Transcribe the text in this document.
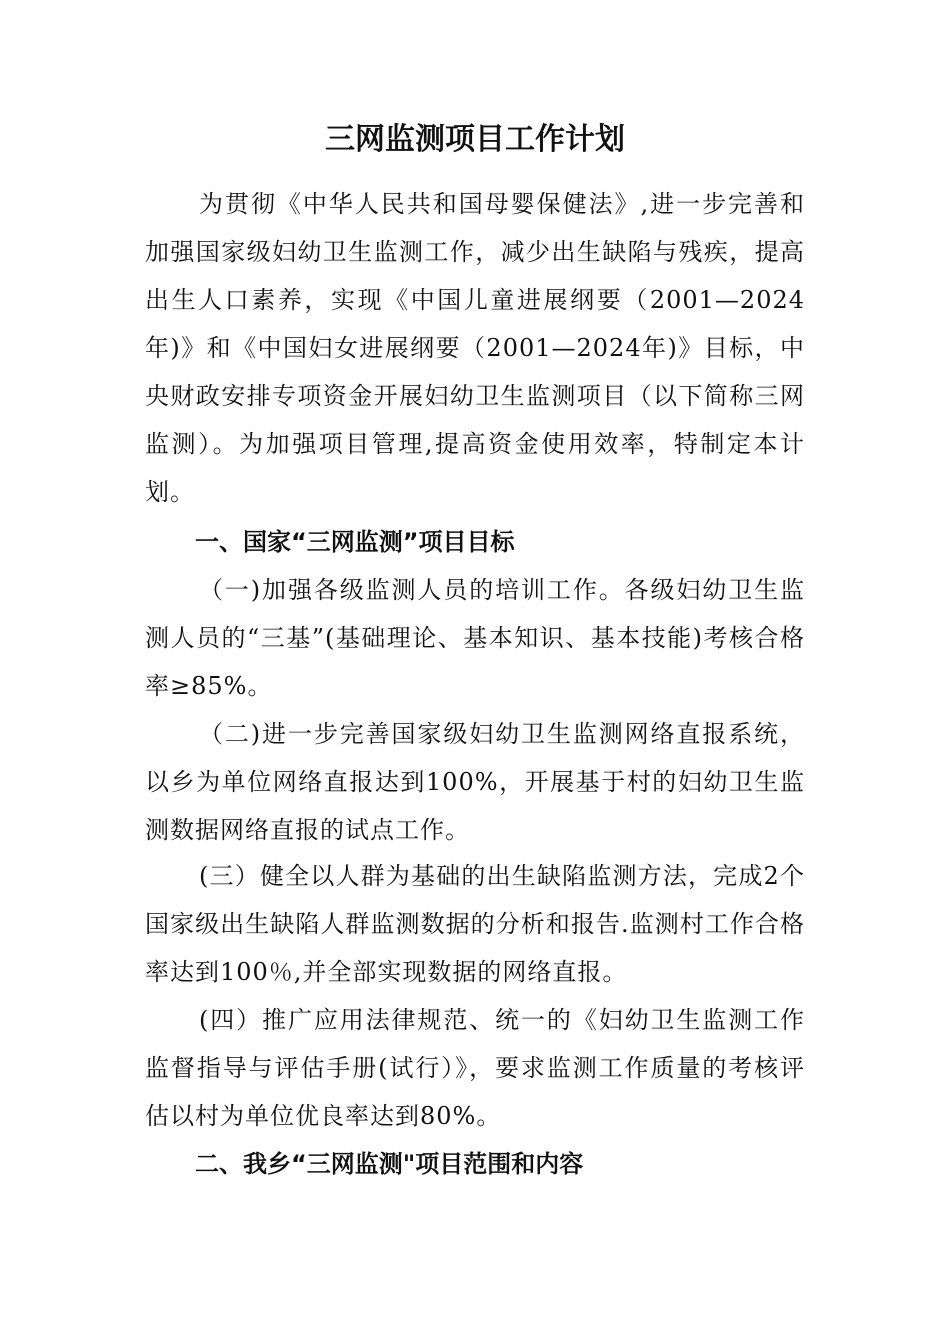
三网监测项目工作计划

为贯彻《中华人民共和国母婴保健法》,进一步完善和加强国家级妇幼卫生监测工作，减少出生缺陷与残疾，提高出生人口素养，实现《中国儿童进展纲要（2001—2024年)》和《中国妇女进展纲要（2001—2024年)》目标，中央财政安排专项资金开展妇幼卫生监测项目（以下简称三网监测）。为加强项目管理,提高资金使用效率，特制定本计划。

一、国家“三网监测”项目目标

（一)加强各级监测人员的培训工作。各级妇幼卫生监测人员的“三基”(基础理论、基本知识、基本技能)考核合格率≥85%。

（二)进一步完善国家级妇幼卫生监测网络直报系统，以乡为单位网络直报达到100%，开展基于村的妇幼卫生监测数据网络直报的试点工作。

(三）健全以人群为基础的出生缺陷监测方法，完成2个国家级出生缺陷人群监测数据的分析和报告.监测村工作合格率达到100％,并全部实现数据的网络直报。

(四）推广应用法律规范、统一的《妇幼卫生监测工作监督指导与评估手册(试行）》，要求监测工作质量的考核评估以村为单位优良率达到80%。

二、我乡“三网监测"项目范围和内容
